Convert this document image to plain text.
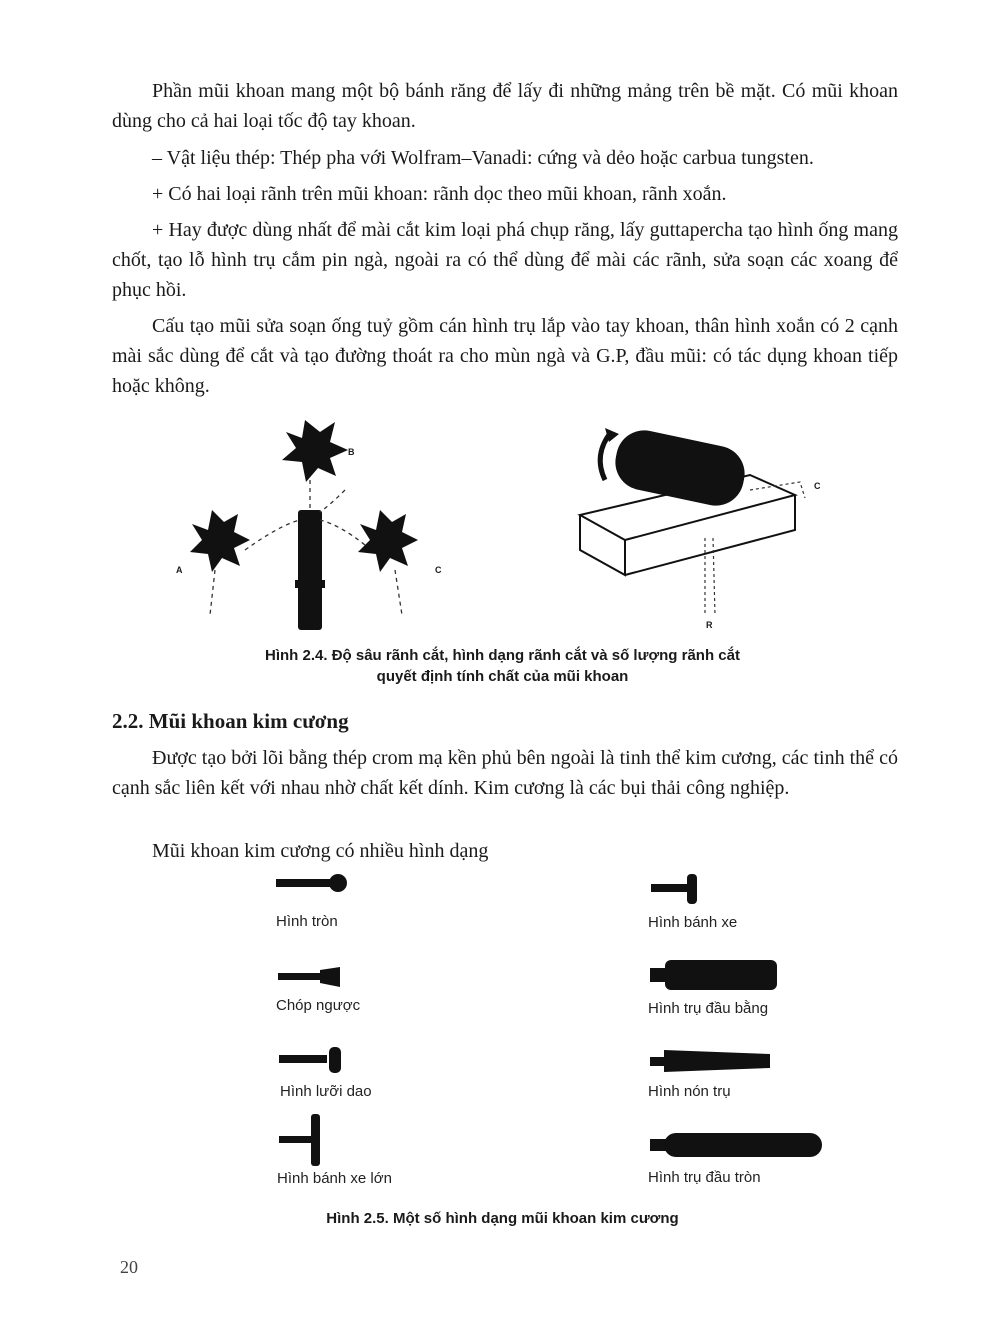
Phần mũi khoan mang một bộ bánh răng để lấy đi những mảng trên bề mặt. Có mũi khoan dùng cho cả hai loại tốc độ tay khoan.

– Vật liệu thép: Thép pha với Wolfram–Vanadi: cứng và dẻo hoặc carbua tungsten.

+ Có hai loại rãnh trên mũi khoan: rãnh dọc theo mũi khoan, rãnh xoắn.

+ Hay được dùng nhất để mài cắt kim loại phá chụp răng, lấy guttapercha tạo hình ống mang chốt, tạo lỗ hình trụ cắm pin ngà, ngoài ra có thể dùng để mài các rãnh, sửa soạn các xoang để phục hồi.

Cấu tạo mũi sửa soạn ống tuỷ gồm cán hình trụ lắp vào tay khoan, thân hình xoắn có 2 cạnh mài sắc dùng để cắt và tạo đường thoát ra cho mùn ngà và G.P, đầu mũi: có tác dụng khoan tiếp hoặc không.

A
B
C
C
R

Hình 2.4. Độ sâu rãnh cắt, hình dạng rãnh cắt và số lượng rãnh cắt

quyết định tính chất của mũi khoan

2.2. Mũi khoan kim cương

Được tạo bởi lõi bằng thép crom mạ kền phủ bên ngoài là tinh thể kim cương, các tinh thể có cạnh sắc liên kết với nhau nhờ chất kết dính. Kim cương là các bụi thải công nghiệp.

Mũi khoan kim cương có nhiều hình dạng

Hình tròn	Hình bánh xe
Chóp ngược	Hình trụ đầu bằng
Hình lưỡi dao	Hình nón trụ
Hình bánh xe lớn	Hình trụ đầu tròn

Hình 2.5. Một số hình dạng mũi khoan kim cương

20
